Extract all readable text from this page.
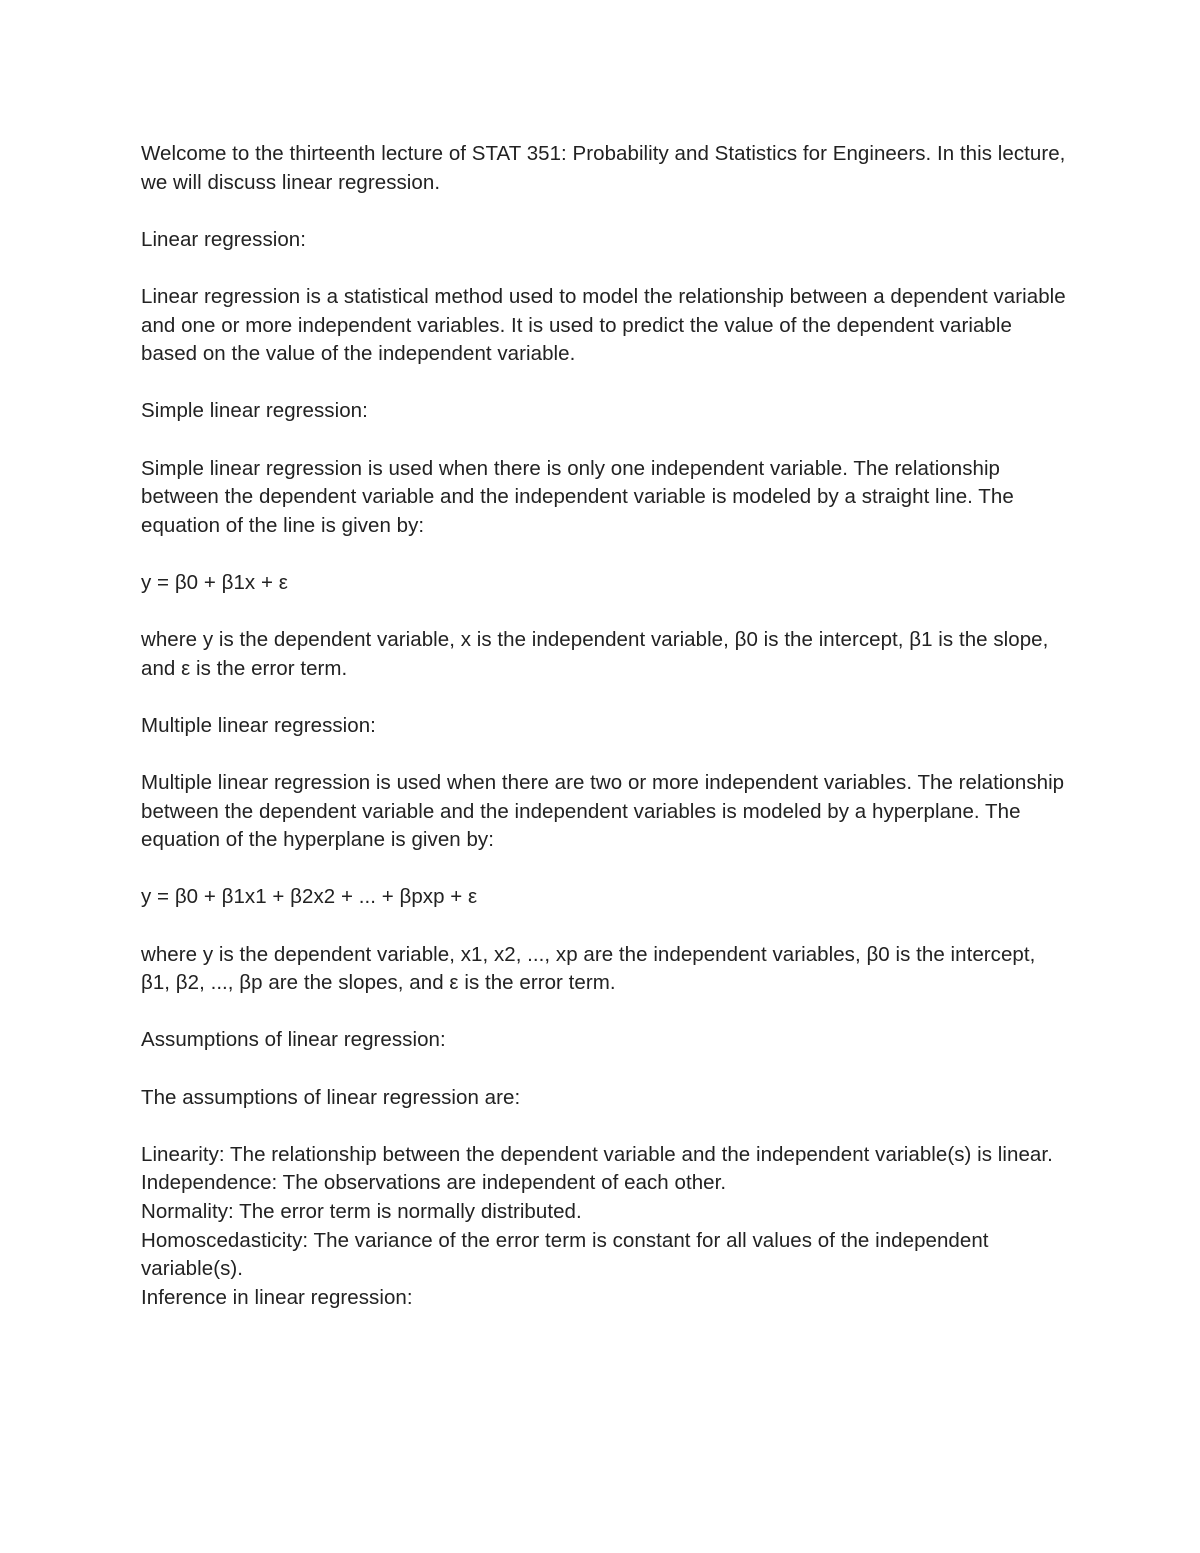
Welcome to the thirteenth lecture of STAT 351: Probability and Statistics for Engineers. In this lecture, we will discuss linear regression.

Linear regression:

Linear regression is a statistical method used to model the relationship between a dependent variable and one or more independent variables. It is used to predict the value of the dependent variable based on the value of the independent variable.

Simple linear regression:

Simple linear regression is used when there is only one independent variable. The relationship between the dependent variable and the independent variable is modeled by a straight line. The equation of the line is given by:

y = β0 + β1x + ε

where y is the dependent variable, x is the independent variable, β0 is the intercept, β1 is the slope, and ε is the error term.

Multiple linear regression:

Multiple linear regression is used when there are two or more independent variables. The relationship between the dependent variable and the independent variables is modeled by a hyperplane. The equation of the hyperplane is given by:

y = β0 + β1x1 + β2x2 + ... + βpxp + ε

where y is the dependent variable, x1, x2, ..., xp are the independent variables, β0 is the intercept, β1, β2, ..., βp are the slopes, and ε is the error term.

Assumptions of linear regression:

The assumptions of linear regression are:

Linearity: The relationship between the dependent variable and the independent variable(s) is linear.

Independence: The observations are independent of each other.

Normality: The error term is normally distributed.

Homoscedasticity: The variance of the error term is constant for all values of the independent variable(s).

Inference in linear regression:
